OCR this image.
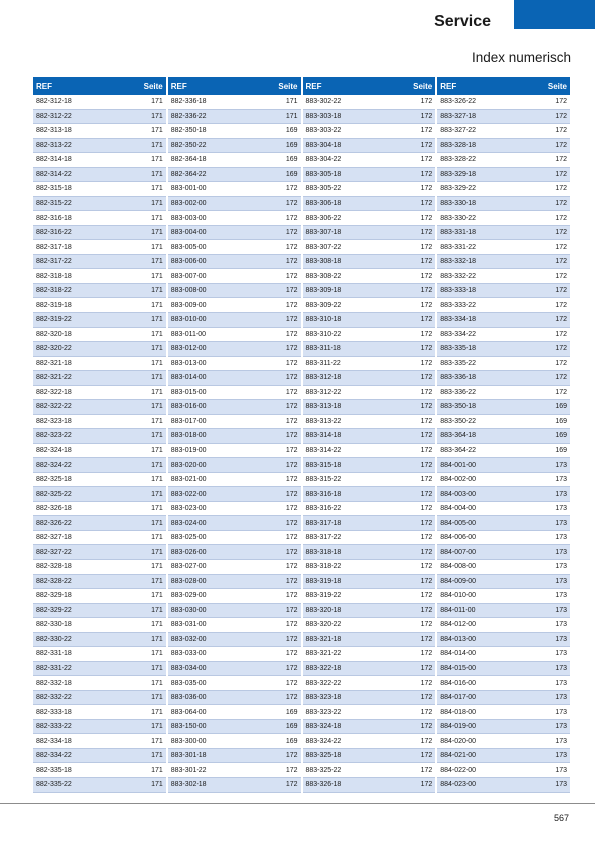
Service
Index numerisch
REF	Seite
882-312-18	171
882-312-22	171
882-313-18	171
882-313-22	171
882-314-18	171
882-314-22	171
882-315-18	171
882-315-22	171
882-316-18	171
882-316-22	171
882-317-18	171
882-317-22	171
882-318-18	171
882-318-22	171
882-319-18	171
882-319-22	171
882-320-18	171
882-320-22	171
882-321-18	171
882-321-22	171
882-322-18	171
882-322-22	171
882-323-18	171
882-323-22	171
882-324-18	171
882-324-22	171
882-325-18	171
882-325-22	171
882-326-18	171
882-326-22	171
882-327-18	171
882-327-22	171
882-328-18	171
882-328-22	171
882-329-18	171
882-329-22	171
882-330-18	171
882-330-22	171
882-331-18	171
882-331-22	171
882-332-18	171
882-332-22	171
882-333-18	171
882-333-22	171
882-334-18	171
882-334-22	171
882-335-18	171
882-335-22	171
REF	Seite
882-336-18	171
882-336-22	171
882-350-18	169
882-350-22	169
882-364-18	169
882-364-22	169
883-001-00	172
883-002-00	172
883-003-00	172
883-004-00	172
883-005-00	172
883-006-00	172
883-007-00	172
883-008-00	172
883-009-00	172
883-010-00	172
883-011-00	172
883-012-00	172
883-013-00	172
883-014-00	172
883-015-00	172
883-016-00	172
883-017-00	172
883-018-00	172
883-019-00	172
883-020-00	172
883-021-00	172
883-022-00	172
883-023-00	172
883-024-00	172
883-025-00	172
883-026-00	172
883-027-00	172
883-028-00	172
883-029-00	172
883-030-00	172
883-031-00	172
883-032-00	172
883-033-00	172
883-034-00	172
883-035-00	172
883-036-00	172
883-064-00	169
883-150-00	169
883-300-00	169
883-301-18	172
883-301-22	172
883-302-18	172
REF	Seite
883-302-22	172
883-303-18	172
883-303-22	172
883-304-18	172
883-304-22	172
883-305-18	172
883-305-22	172
883-306-18	172
883-306-22	172
883-307-18	172
883-307-22	172
883-308-18	172
883-308-22	172
883-309-18	172
883-309-22	172
883-310-18	172
883-310-22	172
883-311-18	172
883-311-22	172
883-312-18	172
883-312-22	172
883-313-18	172
883-313-22	172
883-314-18	172
883-314-22	172
883-315-18	172
883-315-22	172
883-316-18	172
883-316-22	172
883-317-18	172
883-317-22	172
883-318-18	172
883-318-22	172
883-319-18	172
883-319-22	172
883-320-18	172
883-320-22	172
883-321-18	172
883-321-22	172
883-322-18	172
883-322-22	172
883-323-18	172
883-323-22	172
883-324-18	172
883-324-22	172
883-325-18	172
883-325-22	172
883-326-18	172
REF	Seite
883-326-22	172
883-327-18	172
883-327-22	172
883-328-18	172
883-328-22	172
883-329-18	172
883-329-22	172
883-330-18	172
883-330-22	172
883-331-18	172
883-331-22	172
883-332-18	172
883-332-22	172
883-333-18	172
883-333-22	172
883-334-18	172
883-334-22	172
883-335-18	172
883-335-22	172
883-336-18	172
883-336-22	172
883-350-18	169
883-350-22	169
883-364-18	169
883-364-22	169
884-001-00	173
884-002-00	173
884-003-00	173
884-004-00	173
884-005-00	173
884-006-00	173
884-007-00	173
884-008-00	173
884-009-00	173
884-010-00	173
884-011-00	173
884-012-00	173
884-013-00	173
884-014-00	173
884-015-00	173
884-016-00	173
884-017-00	173
884-018-00	173
884-019-00	173
884-020-00	173
884-021-00	173
884-022-00	173
884-023-00	173
567
